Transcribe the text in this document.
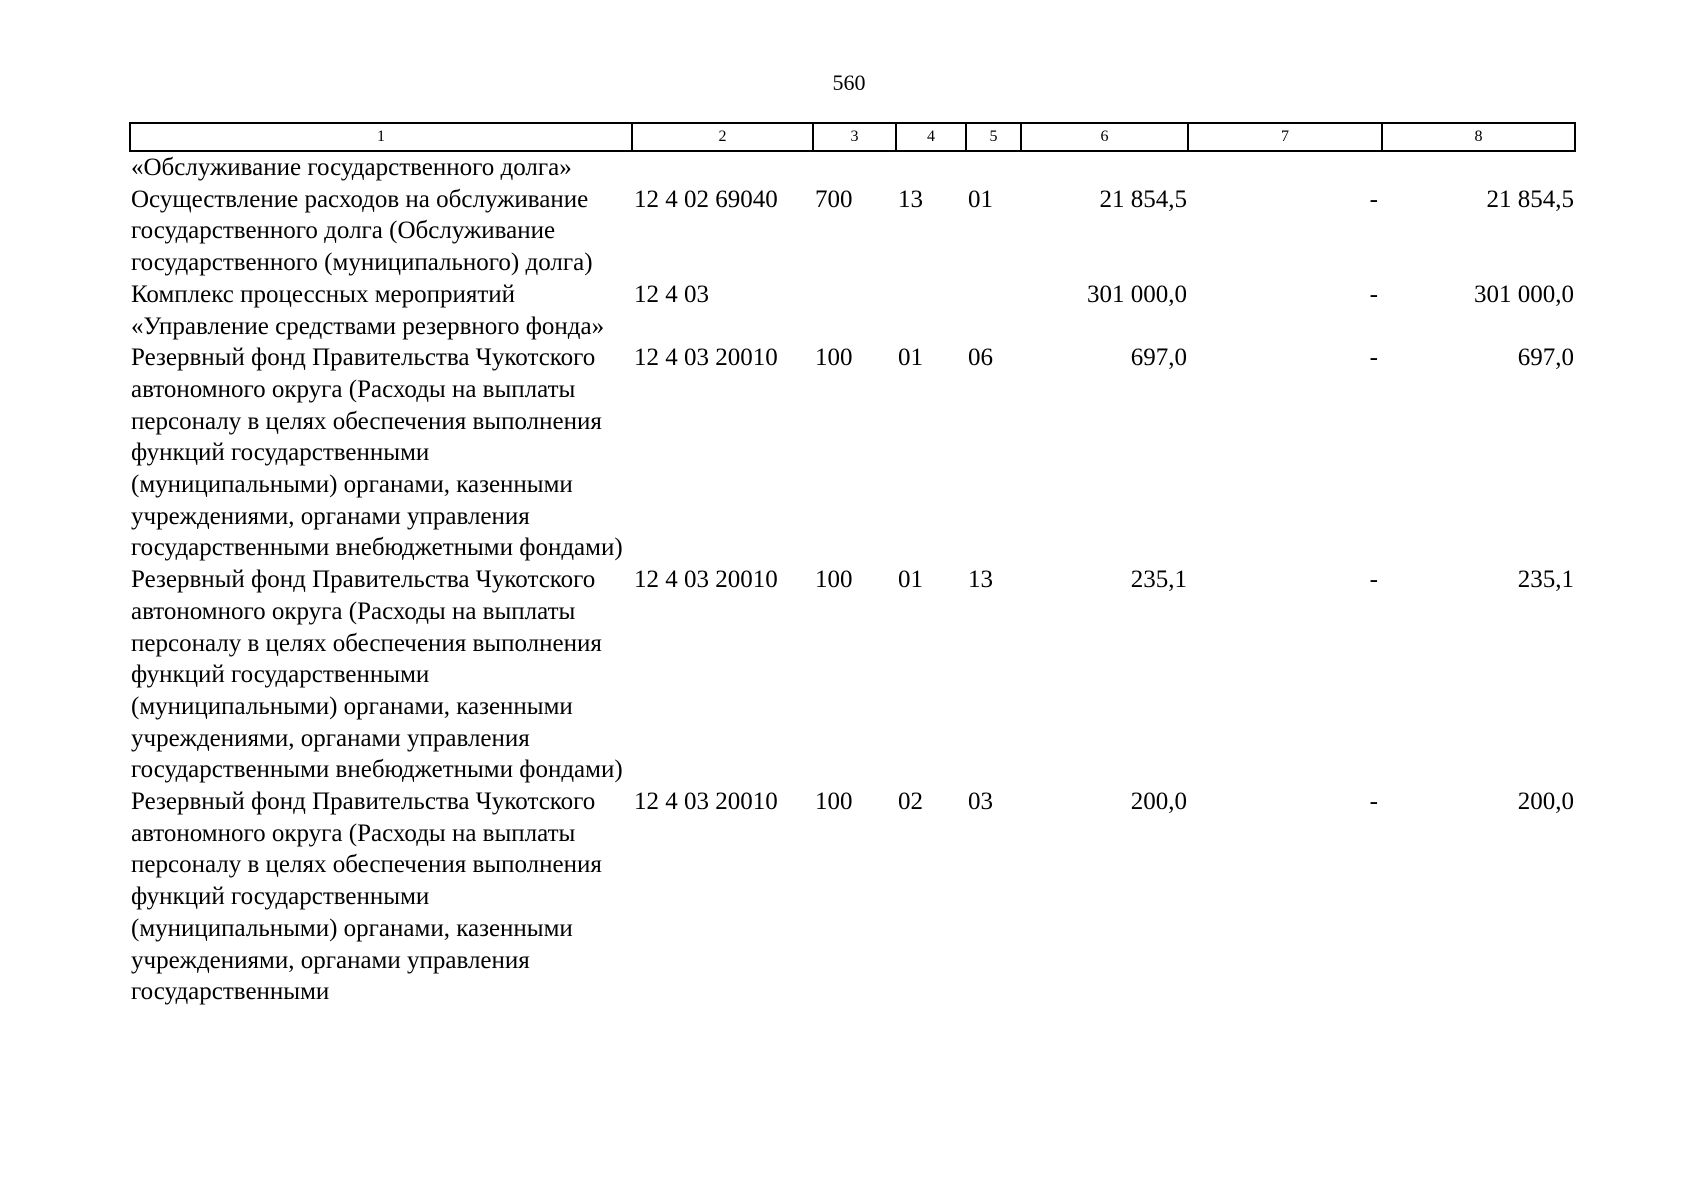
560
1	2	3	4	5	6	7	8
«Обслуживание государственного долга»							
Осуществление расходов на обслуживание государственного долга (Обслуживание государственного (муниципального) долга)	12 4 02 69040	700	13	01	21 854,5	-	21 854,5
Комплекс процессных мероприятий «Управление средствами резервного фонда»	12 4 03				301 000,0	-	301 000,0
Резервный фонд Правительства Чукотского автономного округа (Расходы на выплаты персоналу в целях обеспечения выполнения функций государственными (муниципальными) органами, казенными учреждениями, органами управления государственными внебюджетными фондами)	12 4 03 20010	100	01	06	697,0	-	697,0
Резервный фонд Правительства Чукотского автономного округа (Расходы на выплаты персоналу в целях обеспечения выполнения функций государственными (муниципальными) органами, казенными учреждениями, органами управления государственными внебюджетными фондами)	12 4 03 20010	100	01	13	235,1	-	235,1
Резервный фонд Правительства Чукотского автономного округа (Расходы на выплаты персоналу в целях обеспечения выполнения функций государственными (муниципальными) органами, казенными учреждениями, органами управления государственными	12 4 03 20010	100	02	03	200,0	-	200,0
